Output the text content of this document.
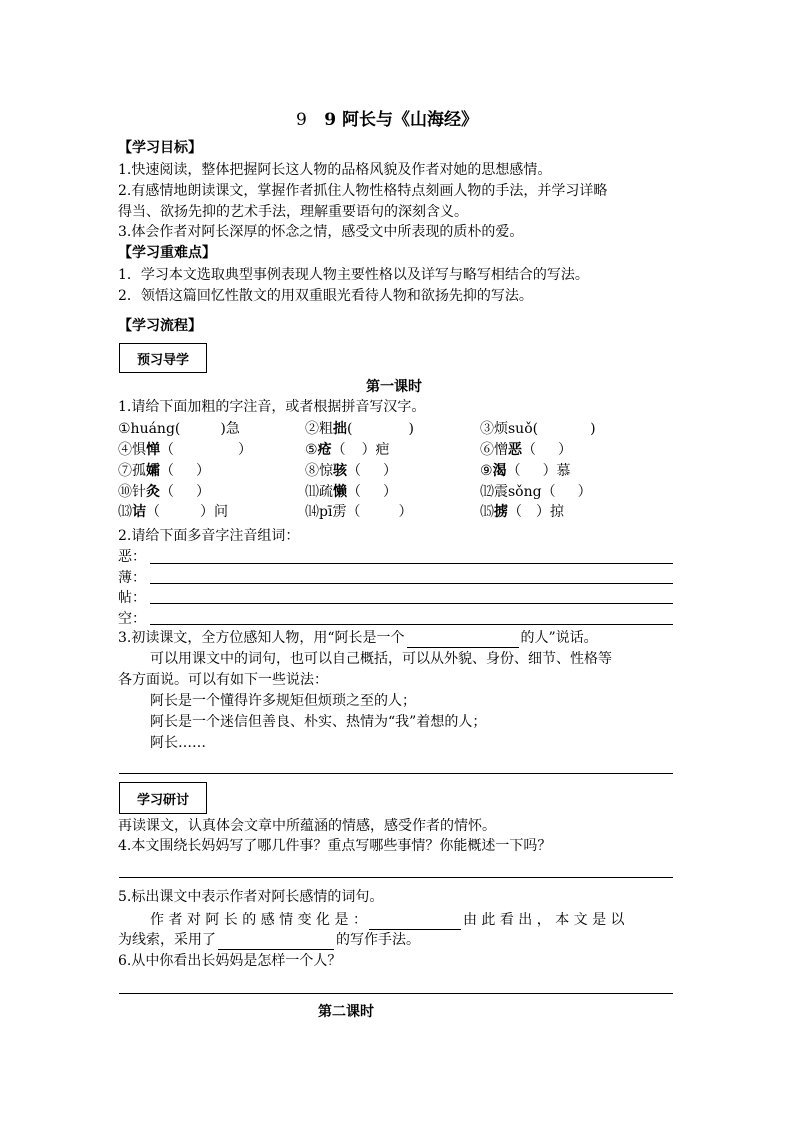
9 9 阿长与《山海经》
【学习目标】
1.快速阅读，整体把握阿长这人物的品格风貌及作者对她的思想感情。
2.有感情地朗读课文，掌握作者抓住人物性格特点刻画人物的手法，并学习详略
得当、欲扬先抑的艺术手法，理解重要语句的深刻含义。
3.体会作者对阿长深厚的怀念之情，感受文中所表现的质朴的爱。
【学习重难点】
1．学习本文选取典型事例表现人物主要性格以及详写与略写相结合的写法。
2．领悟这篇回忆性散文的用双重眼光看待人物和欲扬先抑的写法。
【学习流程】
预习导学
第一课时
1.请给下面加粗的字注音，或者根据拼音写汉字。
①huáng(	)急	②粗拙(	)	③烦suǒ(	)
④惧惮（	）	⑤疮（ ）疤	⑥憎恶（ ）
⑦孤孀（ ）	⑧惊骇（ ）	⑨渴（ ）慕
⑩针灸（ ）	⑾疏懒（ ）	⑿震sǒng（ ）
⒀诘（	）问	⒁pī雳（	）	⒂掳（ ）掠
2.请给下面多音字注音组词：
恶：
薄：
帖：
空：
3.初读课文，全方位感知人物，用“阿长是一个	的人”说话。
可以用课文中的词句，也可以自己概括，可以从外貌、身份、细节、性格等
各方面说。可以有如下一些说法：
阿长是一个懂得许多规矩但烦琐之至的人；
阿长是一个迷信但善良、朴实、热情为“我”着想的人；
阿长……
学习研讨
再读课文，认真体会文章中所蕴涵的情感，感受作者的情怀。
4.本文围绕长妈妈写了哪几件事？重点写哪些事情？你能概述一下吗？
5.标出课文中表示作者对阿长感情的词句。
作 者 对 阿 长 的 感 情 变 化 是 ：	由 此 看 出 ， 本 文 是 以
为线索，采用了	的写作手法。
6.从中你看出长妈妈是怎样一个人？
第二课时
